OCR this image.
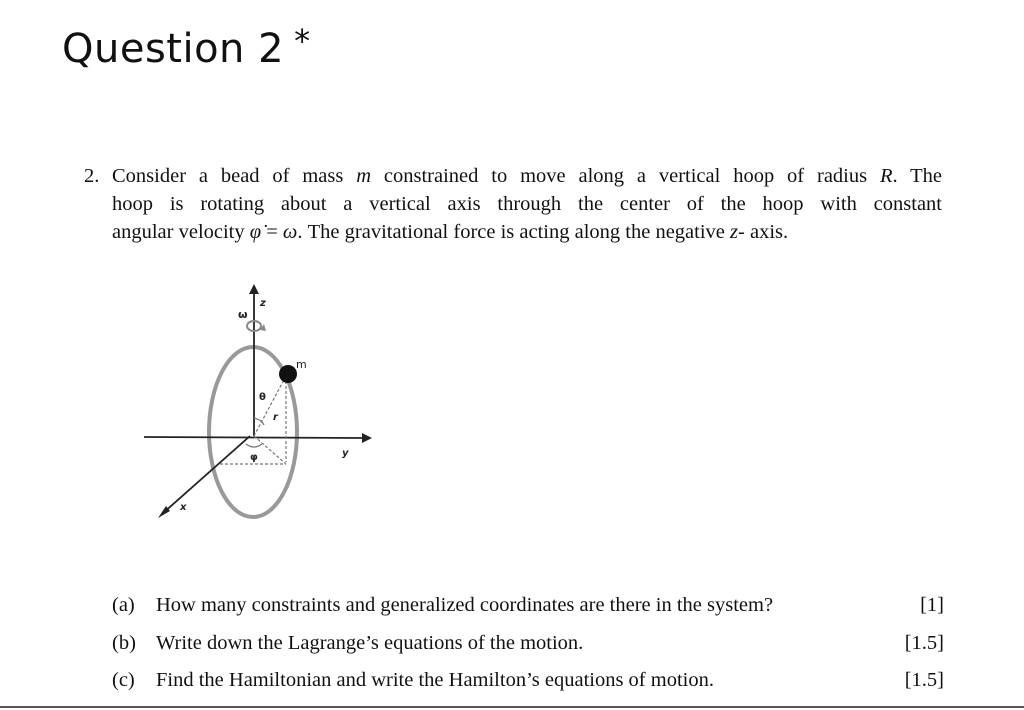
Question 2 *
2. Consider a bead of mass m constrained to move along a vertical hoop of radius R. The
hoop is rotating about a vertical axis through the center of the hoop with constant
angular velocity φ̇ = ω. The gravitational force is acting along the negative z- axis.
ω
z
m
θ
r
φ	y
x
(a) How many constraints and generalized coordinates are there in the system?	[1]
(b) Write down the Lagrange’s equations of the motion.	[1.5]
(c) Find the Hamiltonian and write the Hamilton’s equations of motion.	[1.5]
